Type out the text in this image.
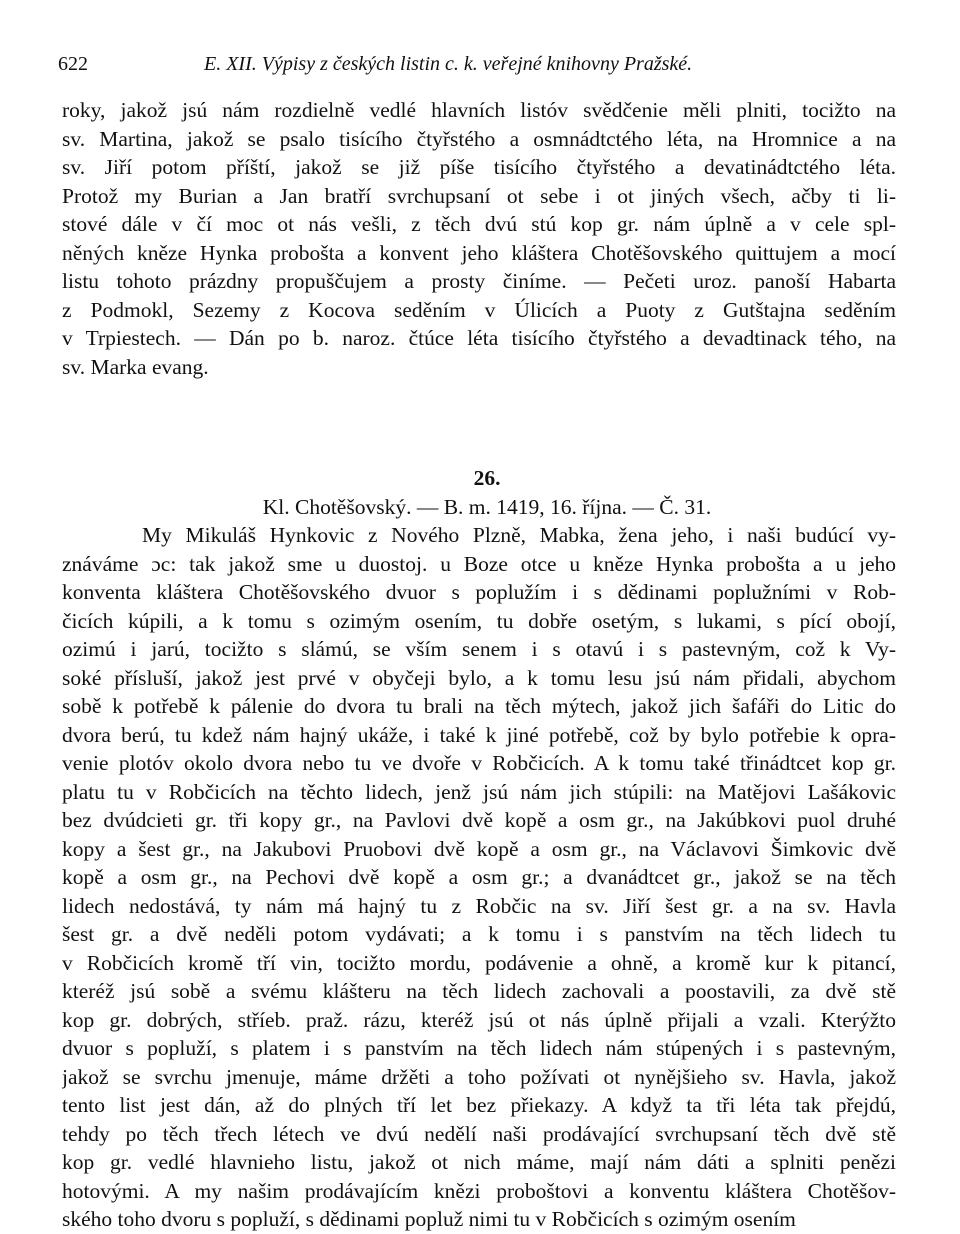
622	E. XII. Výpisy z českých listin c. k. veřejné knihovny Pražské.
roky, jakož jsú nám rozdielně vedlé hlavních listóv svědčenie měli plniti, tocižto na
sv. Martina, jakož se psalo tisícího čtyřstého a osmnádtctého léta, na Hromnice a na
sv. Jiří potom příští, jakož se již píše tisícího čtyřstého a devatinádtctého léta.
Protož my Burian a Jan bratří svrchupsaní ot sebe i ot jiných všech, ačby ti li-
stové dále v čí moc ot nás vešli, z těch dvú stú kop gr. nám úplně a v cele spl-
něných kněze Hynka probošta a konvent jeho kláštera Chotěšovského quittujem a mocí
listu tohoto prázdny propuščujem a prosty činíme. — Pečeti uroz. panoší Habarta
z Podmokl, Sezemy z Kocova seděním v Úlicích a Puoty z Gutštajna seděním
v Trpiestech. — Dán po b. naroz. čtúce léta tisícího čtyřstého a devadtinack tého, na
sv. Marka evang.
26.
Kl. Chotěšovský. — B. m. 1419, 16. října. — Č. 31.
My Mikuláš Hynkovic z Nového Plzně, Mabka, žena jeho, i naši budúcí vy-
znáváme ɔc: tak jakož sme u duostoj. u Boze otce u kněze Hynka probošta a u jeho
konventa kláštera Chotěšovského dvuor s poplužím i s dědinami poplužními v Rob-
čicích kúpili, a k tomu s ozimým osením, tu dobře osetým, s lukami, s pící obojí,
ozimú i jarú, tocižto s slámú, se vším senem i s otavú i s pastevným, což k Vy-
soké přísluší, jakož jest prvé v obyčeji bylo, a k tomu lesu jsú nám přidali, abychom
sobě k potřebě k pálenie do dvora tu brali na těch mýtech, jakož jich šafáři do Litic do
dvora berú, tu kdež nám hajný ukáže, i také k jiné potřebě, což by bylo potřebie k opra-
venie plotóv okolo dvora nebo tu ve dvoře v Robčicích. A k tomu také třinádtcet kop gr.
platu tu v Robčicích na těchto lidech, jenž jsú nám jich stúpili: na Matějovi Lašákovic
bez dvúdcieti gr. tři kopy gr., na Pavlovi dvě kopě a osm gr., na Jakúbkovi puol druhé
kopy a šest gr., na Jakubovi Pruobovi dvě kopě a osm gr., na Václavovi Šimkovic dvě
kopě a osm gr., na Pechovi dvě kopě a osm gr.; a dvanádtcet gr., jakož se na těch
lidech nedostává, ty nám má hajný tu z Robčic na sv. Jiří šest gr. a na sv. Havla
šest gr. a dvě neděli potom vydávati; a k tomu i s panstvím na těch lidech tu
v Robčicích kromě tří vin, tocižto mordu, podávenie a ohně, a kromě kur k pitancí,
kteréž jsú sobě a svému klášteru na těch lidech zachovali a poostavili, za dvě stě
kop gr. dobrých, stříeb. praž. rázu, kteréž jsú ot nás úplně přijali a vzali. Kterýžto
dvuor s popluží, s platem i s panstvím na těch lidech nám stúpených i s pastevným,
jakož se svrchu jmenuje, máme držěti a toho požívati ot nynějšieho sv. Havla, jakož
tento list jest dán, až do plných tří let bez přiekazy. A když ta tři léta tak přejdú,
tehdy po těch třech létech ve dvú nedělí naši prodávající svrchupsaní těch dvě stě
kop gr. vedlé hlavnieho listu, jakož ot nich máme, mají nám dáti a splniti penězi
hotovými. A my našim prodávajícím knězi proboštovi a konventu kláštera Chotěšov-
ského toho dvoru s popluží, s dědinami popluž nimi tu v Robčicích s ozimým osením
